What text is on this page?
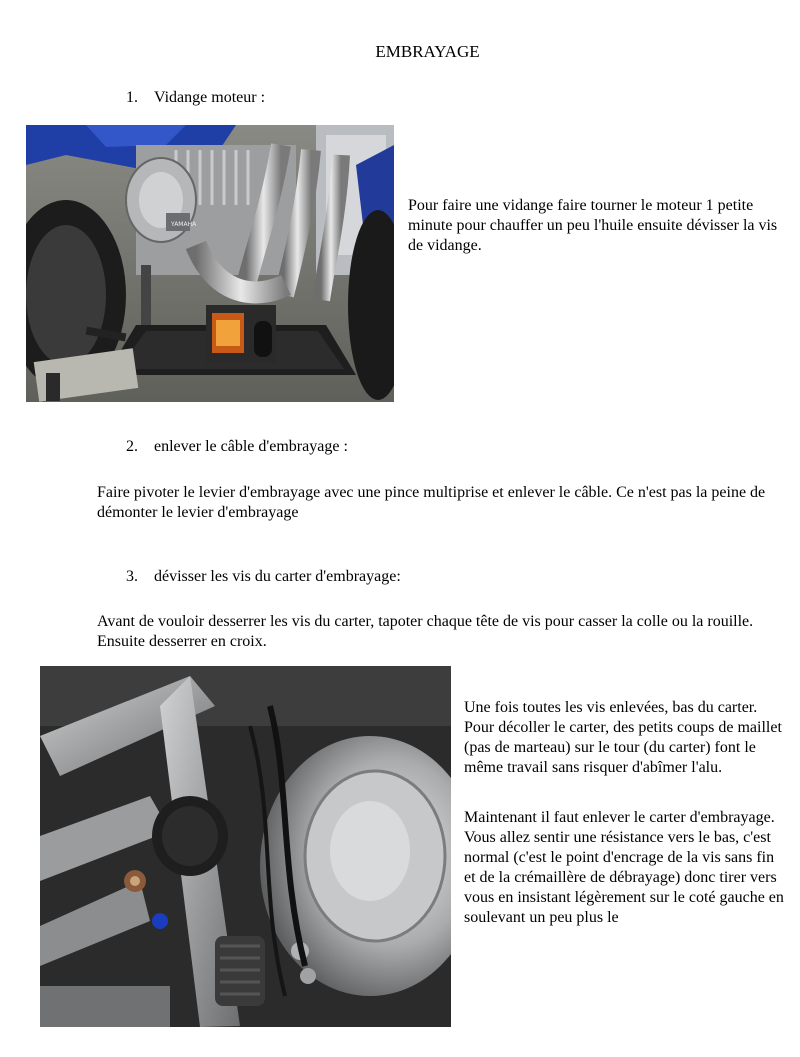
EMBRAYAGE
1. Vidange moteur :
YAMAHA
Pour faire une vidange faire tourner le moteur 1 petite minute pour chauffer un peu l'huile ensuite dévisser la vis de vidange.
2. enlever le câble d'embrayage :
Faire pivoter le levier d'embrayage avec une pince multiprise et enlever le câble. Ce n'est pas la peine de démonter le levier d'embrayage
3. dévisser les vis du carter d'embrayage:
Avant de vouloir desserrer les vis du carter, tapoter chaque tête de vis pour casser la colle ou la rouille. Ensuite desserrer en croix.
Une fois toutes les vis enlevées, bas du carter. Pour décoller le carter, des petits coups de maillet (pas de marteau) sur le tour (du carter) font le même travail sans risquer d'abîmer l'alu.
Maintenant il faut enlever le carter d'embrayage. Vous allez sentir une résistance vers le bas, c'est normal (c'est le point d'encrage de la vis sans fin et de la crémaillère de débrayage) donc tirer vers vous en insistant légèrement sur le coté gauche en soulevant un peu plus le
